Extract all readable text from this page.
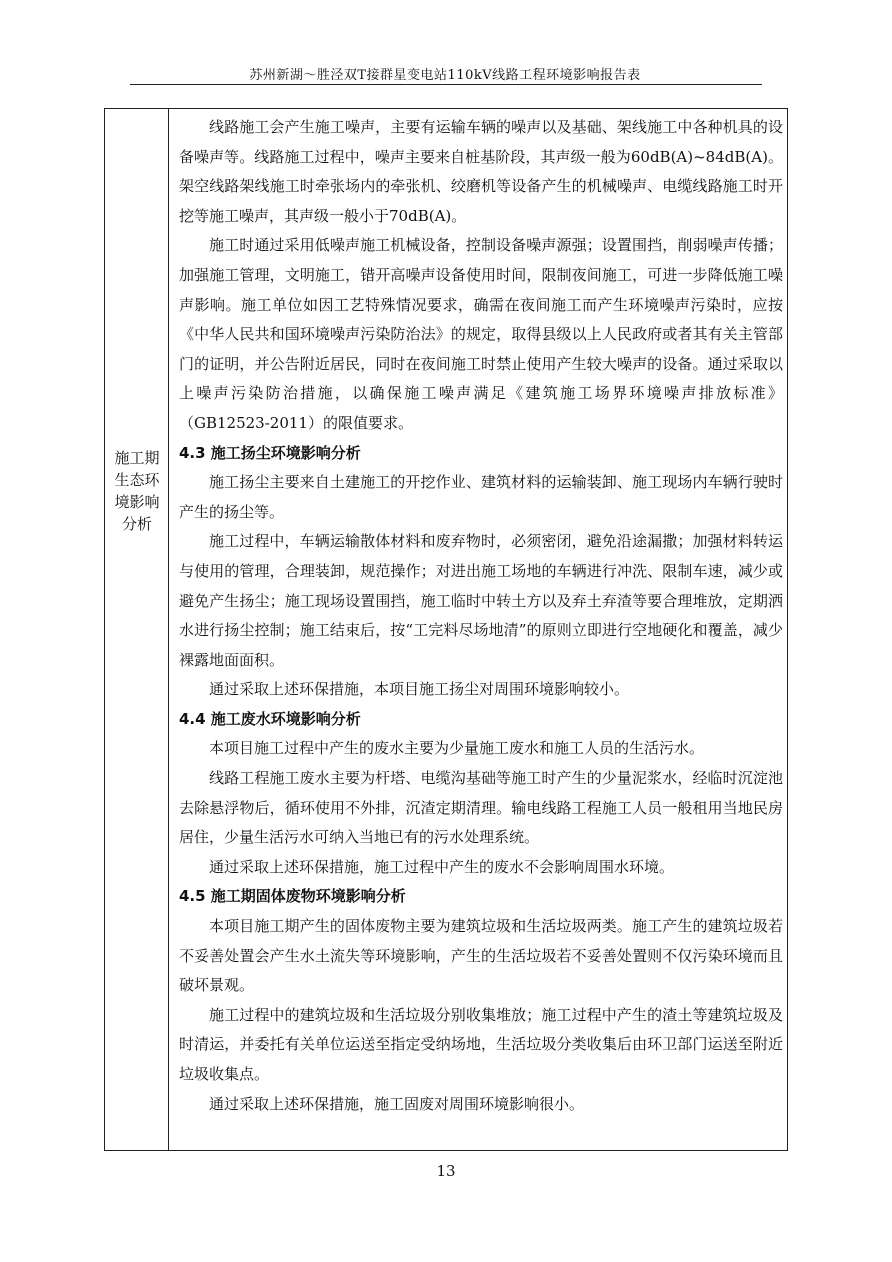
苏州新湖～胜泾双T接群星变电站110kV线路工程环境影响报告表
施工期
生态环
境影响
分析

线路施工会产生施工噪声，主要有运输车辆的噪声以及基础、架线施工中各种机具的设备噪声等。线路施工过程中，噪声主要来自桩基阶段，其声级一般为60dB(A)~84dB(A)。架空线路架线施工时牵张场内的牵张机、绞磨机等设备产生的机械噪声、电缆线路施工时开挖等施工噪声，其声级一般小于70dB(A)。

施工时通过采用低噪声施工机械设备，控制设备噪声源强；设置围挡，削弱噪声传播；加强施工管理，文明施工，错开高噪声设备使用时间，限制夜间施工，可进一步降低施工噪声影响。施工单位如因工艺特殊情况要求，确需在夜间施工而产生环境噪声污染时，应按《中华人民共和国环境噪声污染防治法》的规定，取得县级以上人民政府或者其有关主管部门的证明，并公告附近居民，同时在夜间施工时禁止使用产生较大噪声的设备。通过采取以上噪声污染防治措施，以确保施工噪声满足《建筑施工场界环境噪声排放标准》（GB12523-2011）的限值要求。

4.3 施工扬尘环境影响分析

施工扬尘主要来自土建施工的开挖作业、建筑材料的运输装卸、施工现场内车辆行驶时产生的扬尘等。

施工过程中，车辆运输散体材料和废弃物时，必须密闭，避免沿途漏撒；加强材料转运与使用的管理，合理装卸，规范操作；对进出施工场地的车辆进行冲洗、限制车速，减少或避免产生扬尘；施工现场设置围挡，施工临时中转土方以及弃土弃渣等要合理堆放，定期洒水进行扬尘控制；施工结束后，按“工完料尽场地清”的原则立即进行空地硬化和覆盖，减少裸露地面面积。

通过采取上述环保措施，本项目施工扬尘对周围环境影响较小。

4.4 施工废水环境影响分析

本项目施工过程中产生的废水主要为少量施工废水和施工人员的生活污水。

线路工程施工废水主要为杆塔、电缆沟基础等施工时产生的少量泥浆水，经临时沉淀池去除悬浮物后，循环使用不外排，沉渣定期清理。输电线路工程施工人员一般租用当地民房居住，少量生活污水可纳入当地已有的污水处理系统。

通过采取上述环保措施，施工过程中产生的废水不会影响周围水环境。

4.5 施工期固体废物环境影响分析

本项目施工期产生的固体废物主要为建筑垃圾和生活垃圾两类。施工产生的建筑垃圾若不妥善处置会产生水土流失等环境影响，产生的生活垃圾若不妥善处置则不仅污染环境而且破坏景观。

施工过程中的建筑垃圾和生活垃圾分别收集堆放；施工过程中产生的渣土等建筑垃圾及时清运，并委托有关单位运送至指定受纳场地，生活垃圾分类收集后由环卫部门运送至附近垃圾收集点。

通过采取上述环保措施，施工固废对周围环境影响很小。

13
